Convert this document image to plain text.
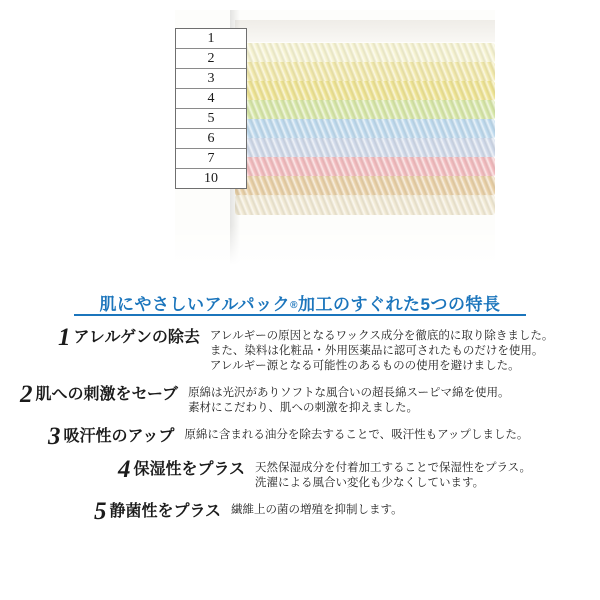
1
2
3
4
5
6
7
10
肌にやさしいアルパック®加工のすぐれた5つの特長
1 アレルゲンの除去 アレルギーの原因となるワックス成分を徹底的に取り除きました。
また、染料は化粧品・外用医薬品に認可されたものだけを使用。
アレルギー源となる可能性のあるものの使用を避けました。
2 肌への刺激をセーブ 原綿は光沢がありソフトな風合いの超長綿スーピマ綿を使用。
素材にこだわり、肌への刺激を抑えました。
3 吸汗性のアップ 原綿に含まれる油分を除去することで、吸汗性もアップしました。
4 保湿性をプラス 天然保湿成分を付着加工することで保湿性をプラス。
洗濯による風合い変化も少なくしています。
5 静菌性をプラス 繊維上の菌の増殖を抑制します。
